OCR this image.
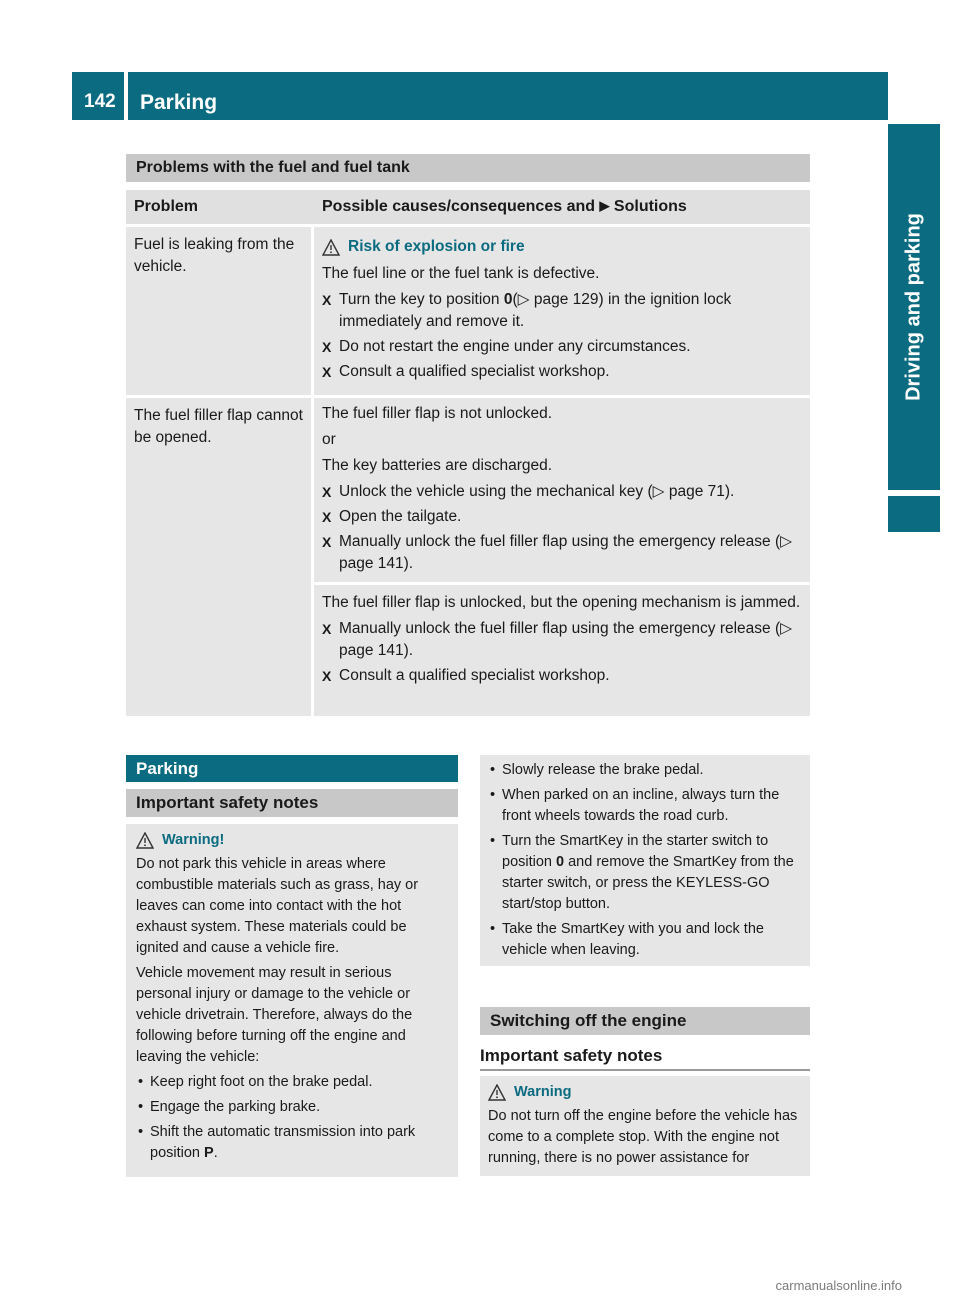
142	Parking
Driving and parking
Problems with the fuel and fuel tank
Problem	Possible causes/consequences and ▶ Solutions
Fuel is leaking from the vehicle.
Risk of explosion or fire

The fuel line or the fuel tank is defective.

X Turn the key to position 0(▷ page 129) in the ignition lock immediately and remove it.
X Do not restart the engine under any circumstances.
X Consult a qualified specialist workshop.
The fuel filler flap cannot be opened.

The fuel filler flap is not unlocked.

or

The key batteries are discharged.

X Unlock the vehicle using the mechanical key (▷ page 71).
X Open the tailgate.
X Manually unlock the fuel filler flap using the emergency release (▷ page 141).

The fuel filler flap is unlocked, but the opening mechanism is jammed.

X Manually unlock the fuel filler flap using the emergency release (▷ page 141).
X Consult a qualified specialist workshop.
Parking
Important safety notes
Warning!

Do not park this vehicle in areas where combustible materials such as grass, hay or leaves can come into contact with the hot exhaust system. These materials could be ignited and cause a vehicle fire.

Vehicle movement may result in serious personal injury or damage to the vehicle or vehicle drivetrain. Therefore, always do the following before turning off the engine and leaving the vehicle:

• Keep right foot on the brake pedal.
• Engage the parking brake.
• Shift the automatic transmission into park position P.
• Slowly release the brake pedal.
• When parked on an incline, always turn the front wheels towards the road curb.
• Turn the SmartKey in the starter switch to position 0 and remove the SmartKey from the starter switch, or press the KEYLESS-GO start/stop button.
• Take the SmartKey with you and lock the vehicle when leaving.
Switching off the engine
Important safety notes
Warning

Do not turn off the engine before the vehicle has come to a complete stop. With the engine not running, there is no power assistance for

carmanualsonline.info
